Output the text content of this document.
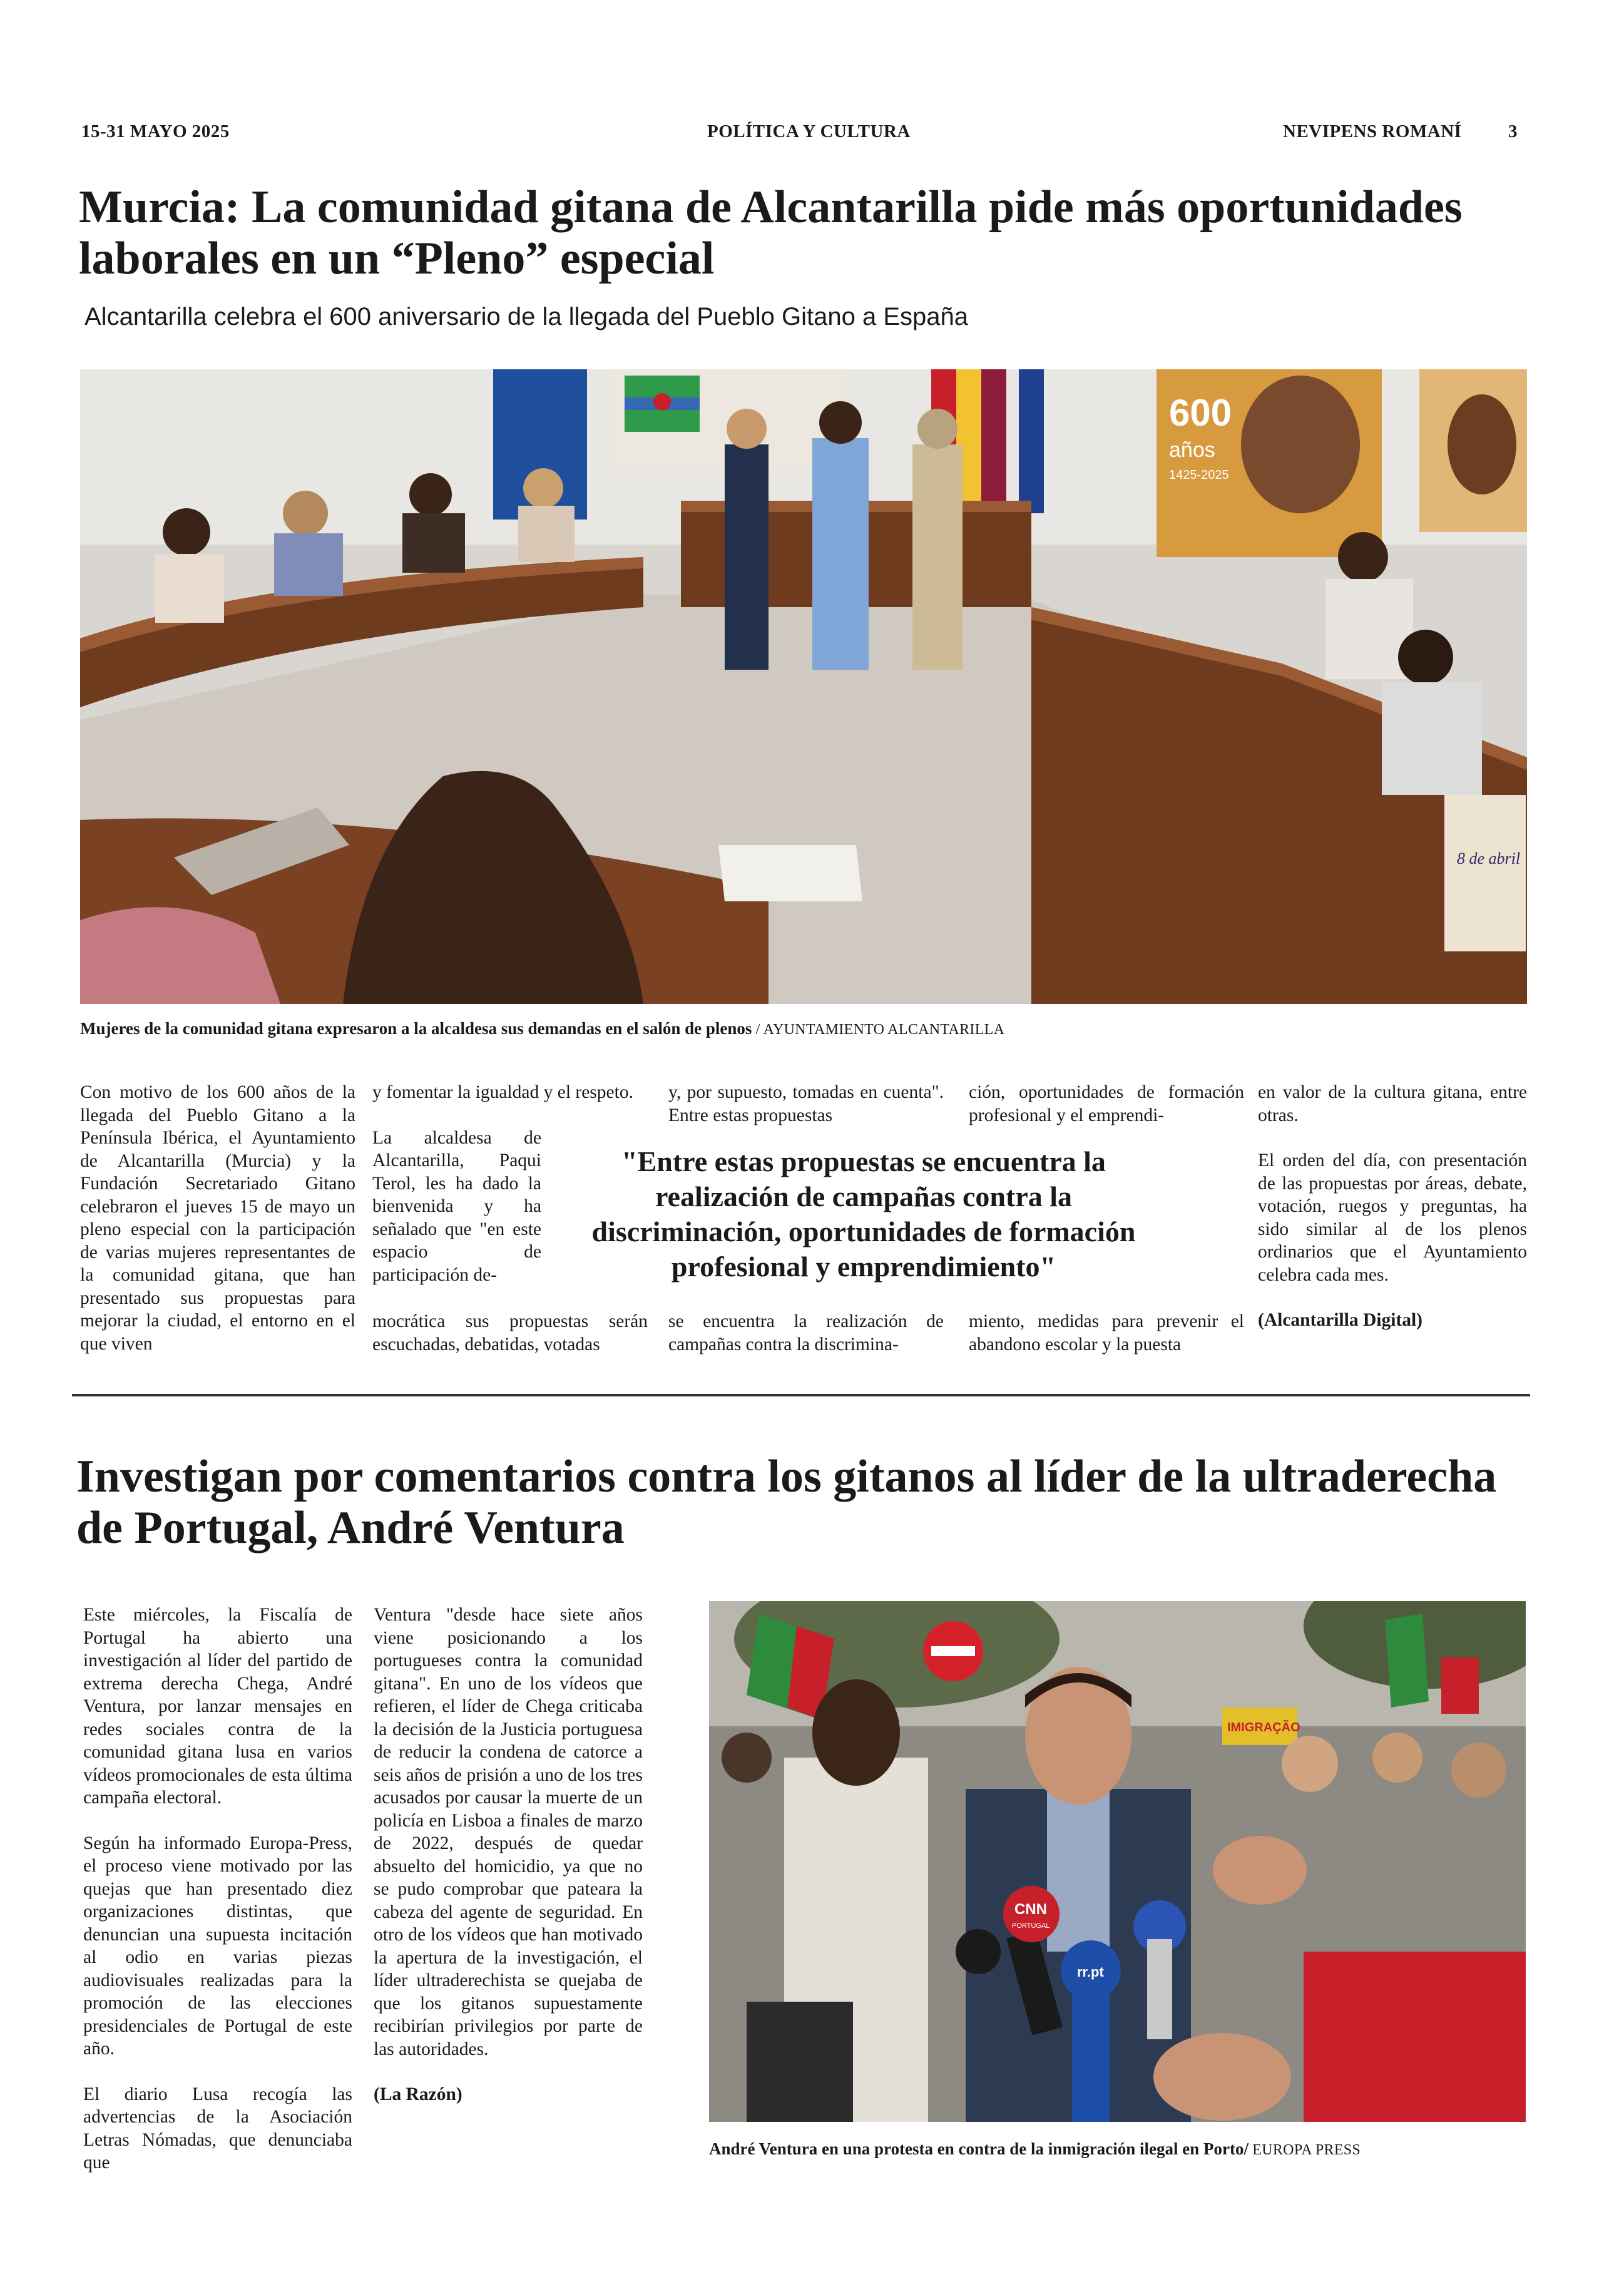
15-31 MAYO 2025	POLÍTICA Y CULTURA	NEVIPENS ROMANÍ	3
Murcia: La comunidad gitana de Alcantarilla pide más oportunidades laborales en un “Pleno” especial
Alcantarilla celebra el 600 aniversario de la llegada del Pueblo Gitano a España
600
años
1425-2025
8 de abril
Mujeres de la comunidad gitana expresaron a la alcaldesa sus demandas en el salón de plenos / AYUNTAMIENTO ALCANTARILLA

Con motivo de los 600 años de la llegada del Pueblo Gitano a la Península Ibérica, el Ayuntamiento de Alcantarilla (Murcia) y la Fundación Secretariado Gitano celebraron el jueves 15 de mayo un pleno especial con la participación de varias mujeres representantes de la comunidad gitana, que han presentado sus propuestas para mejorar la ciudad, el entorno en el que viven

y fomentar la igualdad y el respeto.

La alcaldesa de Alcantarilla, Paqui Terol, les ha dado la bienvenida y ha señalado que "en este espacio de participación de-

mocrática sus propuestas serán escuchadas, debatidas, votadas

y, por supuesto, tomadas en cuenta". Entre estas propuestas

se encuentra la realización de campañas contra la discrimina-

ción, oportunidades de formación profesional y el emprendi-

miento, medidas para prevenir el abandono escolar y la puesta

en valor de la cultura gitana, entre otras.

El orden del día, con presentación de las propuestas por áreas, debate, votación, ruegos y preguntas, ha sido similar al de los plenos ordinarios que el Ayuntamiento celebra cada mes.

(Alcantarilla Digital)

"Entre estas propuestas se encuentra la realización de campañas contra la discriminación, oportunidades de formación profesional y emprendimiento"
Investigan por comentarios contra los gitanos al líder de la ultraderecha de Portugal, André Ventura

Este miércoles, la Fiscalía de Portugal ha abierto una investigación al líder del partido de extrema derecha Chega, André Ventura, por lanzar mensajes en redes sociales contra de la comunidad gitana lusa en varios vídeos promocionales de esta última campaña electoral.

Según ha informado Europa-Press, el proceso viene motivado por las quejas que han presentado diez organizaciones distintas, que denuncian una supuesta incitación al odio en varias piezas audiovisuales realizadas para la promoción de las elecciones presidenciales de Portugal de este año.

El diario Lusa recogía las advertencias de la Asociación Letras Nómadas, que denunciaba que

Ventura "desde hace siete años viene posicionando a los portugueses contra la comunidad gitana". En uno de los vídeos que refieren, el líder de Chega criticaba la decisión de la Justicia portuguesa de reducir la condena de catorce a seis años de prisión a uno de los tres acusados por causar la muerte de un policía en Lisboa a finales de marzo de 2022, después de quedar absuelto del homicidio, ya que no se pudo comprobar que pateara la cabeza del agente de seguridad. En otro de los vídeos que han motivado la apertura de la investigación, el líder ultraderechista se quejaba de que los gitanos supuestamente recibirían privilegios por parte de las autoridades.

(La Razón)

IMIGRAÇÃO
CNN
PORTUGAL
rr.pt
André Ventura en una protesta en contra de la inmigración ilegal en Porto/ EUROPA PRESS
